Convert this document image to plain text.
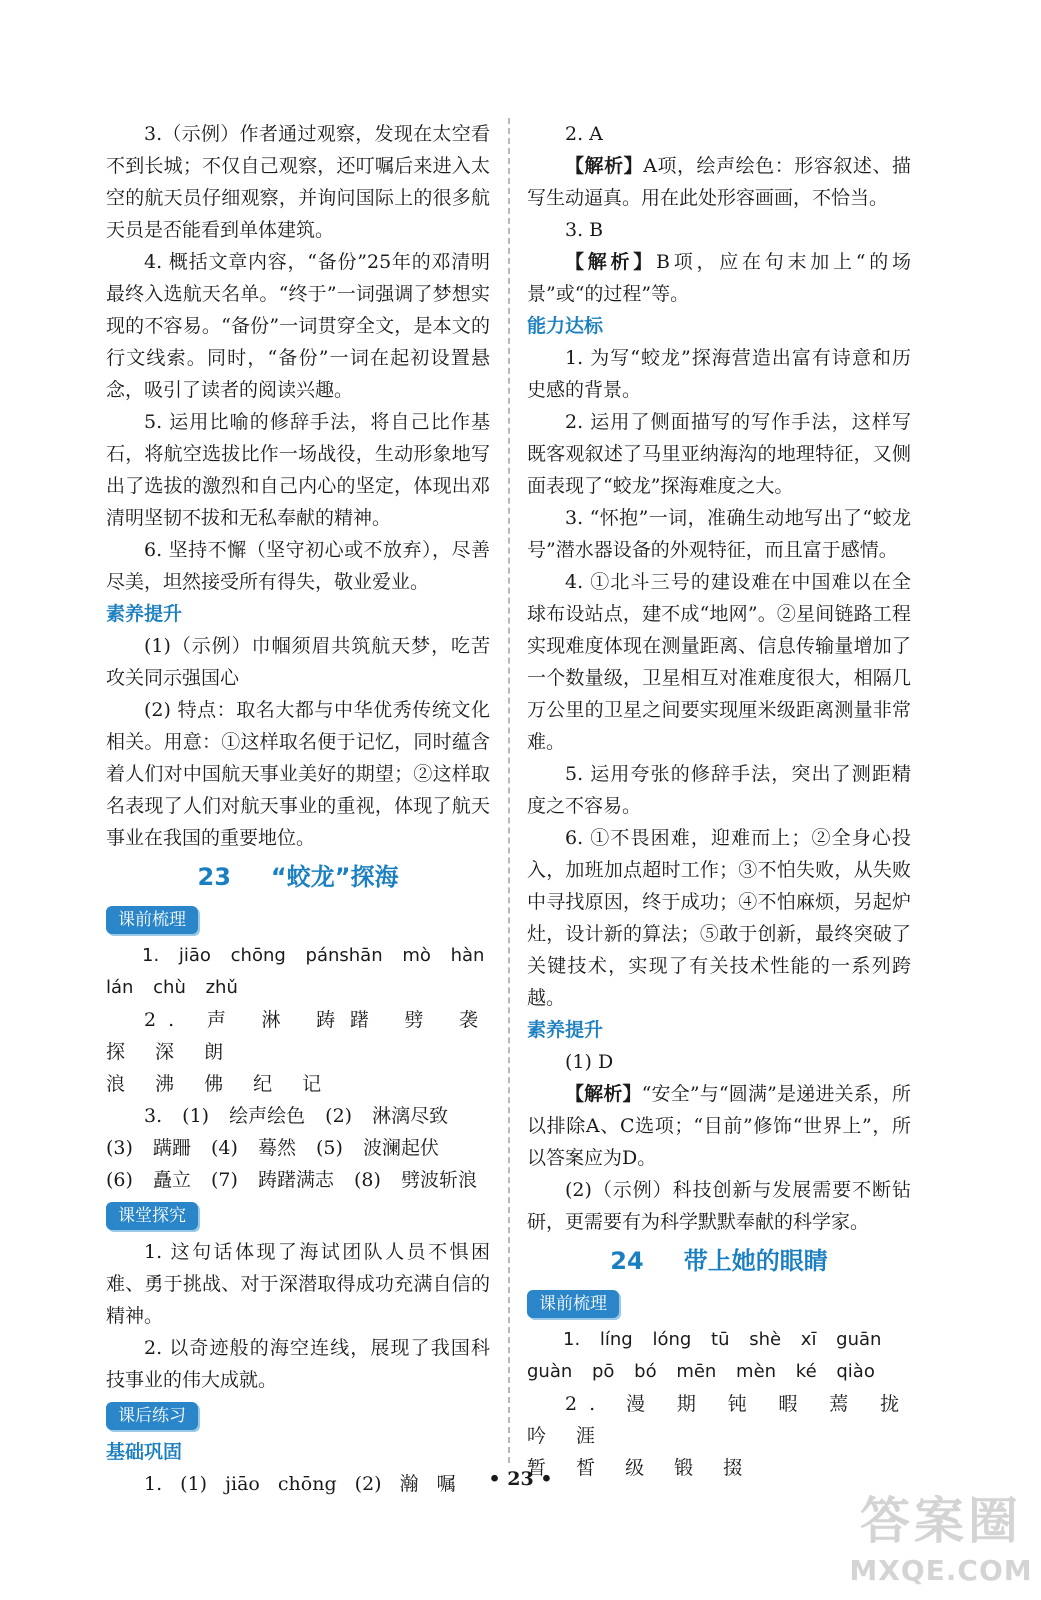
3.（示例）作者通过观察，发现在太空看不到长城；不仅自己观察，还叮嘱后来进入太空的航天员仔细观察，并询问国际上的很多航天员是否能看到单体建筑。

4. 概括文章内容，“备份”25年的邓清明最终入选航天名单。“终于”一词强调了梦想实现的不容易。“备份”一词贯穿全文，是本文的行文线索。同时，“备份”一词在起初设置悬念，吸引了读者的阅读兴趣。

5. 运用比喻的修辞手法，将自己比作基石，将航空选拔比作一场战役，生动形象地写出了选拔的激烈和自己内心的坚定，体现出邓清明坚韧不拔和无私奉献的精神。

6. 坚持不懈（坚守初心或不放弃），尽善尽美，坦然接受所有得失，敬业爱业。

素养提升

(1)（示例）巾帼须眉共筑航天梦，吃苦攻关同示强国心

(2) 特点：取名大都与中华优秀传统文化相关。用意：①这样取名便于记忆，同时蕴含着人们对中国航天事业美好的期望；②这样取名表现了人们对航天事业的重视，体现了航天事业在我国的重要地位。

23 “蛟龙”探海

课前梳理

1. jiāo chōng pánshān mò hàn

lán chù zhǔ

2. 声 淋 踌躇 劈 袭 探 深 朗

浪 沸 佛 纪 记

3. (1) 绘声绘色 (2) 淋漓尽致

(3) 蹒跚 (4) 蓦然 (5) 波澜起伏

(6) 矗立 (7) 踌躇满志 (8) 劈波斩浪

课堂探究

1. 这句话体现了海试团队人员不惧困难、勇于挑战、对于深潜取得成功充满自信的精神。

2. 以奇迹般的海空连线，展现了我国科技事业的伟大成就。

课后练习

基础巩固

1. (1) jiāo chōng (2) 瀚 嘱

2. A

【解析】A项，绘声绘色：形容叙述、描写生动逼真。用在此处形容画画，不恰当。

3. B

【解析】B项，应在句末加上“的场景”或“的过程”等。

能力达标

1. 为写“蛟龙”探海营造出富有诗意和历史感的背景。

2. 运用了侧面描写的写作手法，这样写既客观叙述了马里亚纳海沟的地理特征，又侧面表现了“蛟龙”探海难度之大。

3. “怀抱”一词，准确生动地写出了“蛟龙号”潜水器设备的外观特征，而且富于感情。

4. ①北斗三号的建设难在中国难以在全球布设站点，建不成“地网”。②星间链路工程实现难度体现在测量距离、信息传输量增加了一个数量级，卫星相互对准难度很大，相隔几万公里的卫星之间要实现厘米级距离测量非常难。

5. 运用夸张的修辞手法，突出了测距精度之不容易。

6. ①不畏困难，迎难而上；②全身心投入，加班加点超时工作；③不怕失败，从失败中寻找原因，终于成功；④不怕麻烦，另起炉灶，设计新的算法；⑤敢于创新，最终突破了关键技术，实现了有关技术性能的一系列跨越。

素养提升

(1) D

【解析】“安全”与“圆满”是递进关系，所以排除A、C选项；“目前”修饰“世界上”，所以答案应为D。

(2)（示例）科技创新与发展需要不断钻研，更需要有为科学默默奉献的科学家。

24 带上她的眼睛

课前梳理

1. líng lóng tū shè xī guān

guàn pō bó mēn mèn ké qiào

2. 漫 期 钝 暇 蔫 拢 吟 涯

暂 皙 级 锻 掇

• 23 •
答案圈
MXQE.COM
